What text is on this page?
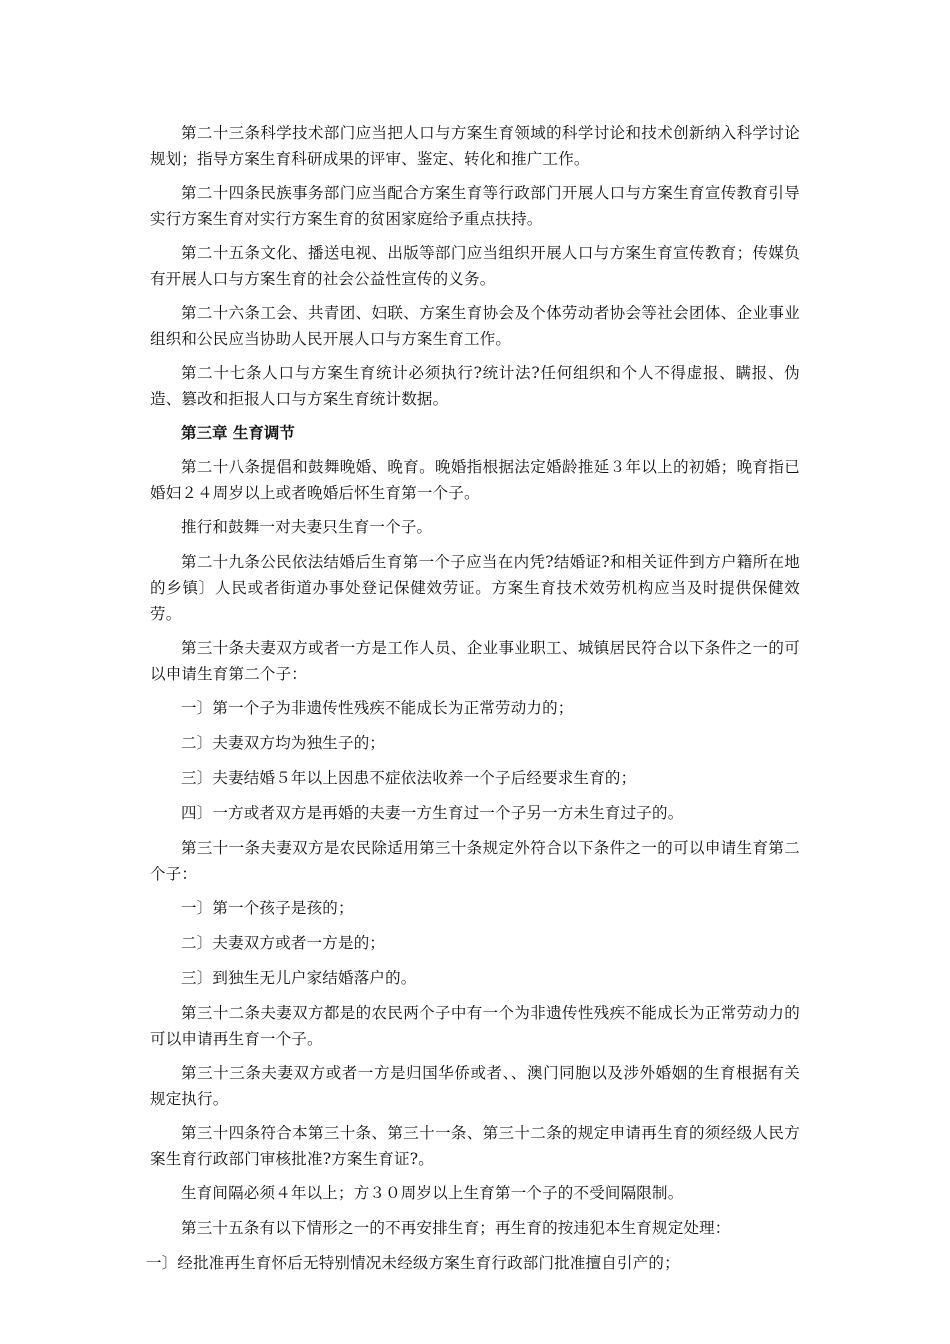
第二十三条科学技术部门应当把人口与方案生育领域的科学讨论和技术创新纳入科学讨论规划；指导方案生育科研成果的评审、鉴定、转化和推广工作。

第二十四条民族事务部门应当配合方案生育等行政部门开展人口与方案生育宣传教育引导实行方案生育对实行方案生育的贫困家庭给予重点扶持。

第二十五条文化、播送电视、出版等部门应当组织开展人口与方案生育宣传教育；传媒负有开展人口与方案生育的社会公益性宣传的义务。

第二十六条工会、共青团、妇联、方案生育协会及个体劳动者协会等社会团体、企业事业组织和公民应当协助人民开展人口与方案生育工作。

第二十七条人口与方案生育统计必须执行?统计法?任何组织和个人不得虚报、瞒报、伪造、篡改和拒报人口与方案生育统计数据。

第三章 生育调节

第二十八条提倡和鼓舞晚婚、晚育。晚婚指根据法定婚龄推延３年以上的初婚；晚育指已婚妇２４周岁以上或者晚婚后怀生育第一个子。

推行和鼓舞一对夫妻只生育一个子。

第二十九条公民依法结婚后生育第一个子应当在内凭?结婚证?和相关证件到方户籍所在地的乡镇〕人民或者街道办事处登记保健效劳证。方案生育技术效劳机构应当及时提供保健效劳。

第三十条夫妻双方或者一方是工作人员、企业事业职工、城镇居民符合以下条件之一的可以申请生育第二个子：

一〕第一个子为非遗传性残疾不能成长为正常劳动力的；

二〕夫妻双方均为独生子的；

三〕夫妻结婚５年以上因患不症依法收养一个子后经要求生育的；

四〕一方或者双方是再婚的夫妻一方生育过一个子另一方未生育过子的。

第三十一条夫妻双方是农民除适用第三十条规定外符合以下条件之一的可以申请生育第二个子：

一〕第一个孩子是孩的；

二〕夫妻双方或者一方是的；

三〕到独生无儿户家结婚落户的。

第三十二条夫妻双方都是的农民两个子中有一个为非遗传性残疾不能成长为正常劳动力的可以申请再生育一个子。

第三十三条夫妻双方或者一方是归国华侨或者、、澳门同胞以及涉外婚姻的生育根据有关规定执行。

第三十四条符合本第三十条、第三十一条、第三十二条的规定申请再生育的须经级人民方案生育行政部门审核批准?方案生育证?。

生育间隔必须４年以上；方３０周岁以上生育第一个子的不受间隔限制。

第三十五条有以下情形之一的不再安排生育；再生育的按违犯本生育规定处理：

一〕经批准再生育怀后无特别情况未经级方案生育行政部门批准擅自引产的；
